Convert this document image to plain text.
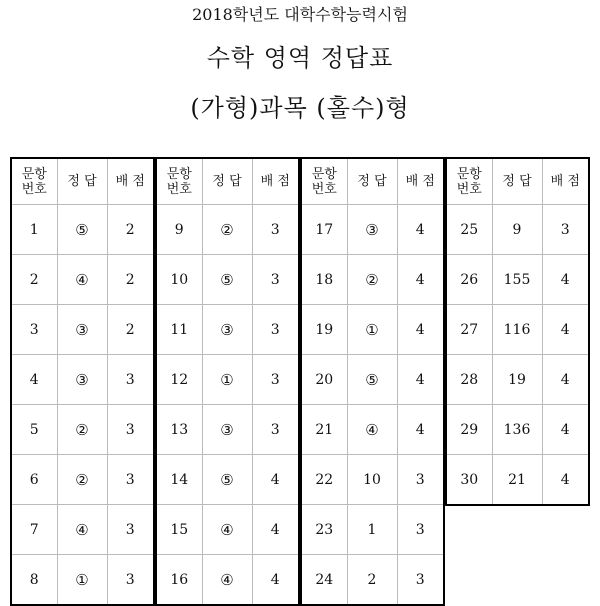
2018학년도 대학수학능력시험
수학 영역 정답표
(가형)과목 (홀수)형
문항
번호	정 답	배 점
1	⑤	2
2	④	2
3	③	2
4	③	3
5	②	3
6	②	3
7	④	3
8	①	3
문항
번호	정 답	배 점
9	②	3
10	⑤	3
11	③	3
12	①	3
13	③	3
14	⑤	4
15	④	4
16	④	4
문항
번호	정 답	배 점
17	③	4
18	②	4
19	①	4
20	⑤	4
21	④	4
22	10	3
23	1	3
24	2	3
문항
번호	정 답	배 점
25	9	3
26	155	4
27	116	4
28	19	4
29	136	4
30	21	4
